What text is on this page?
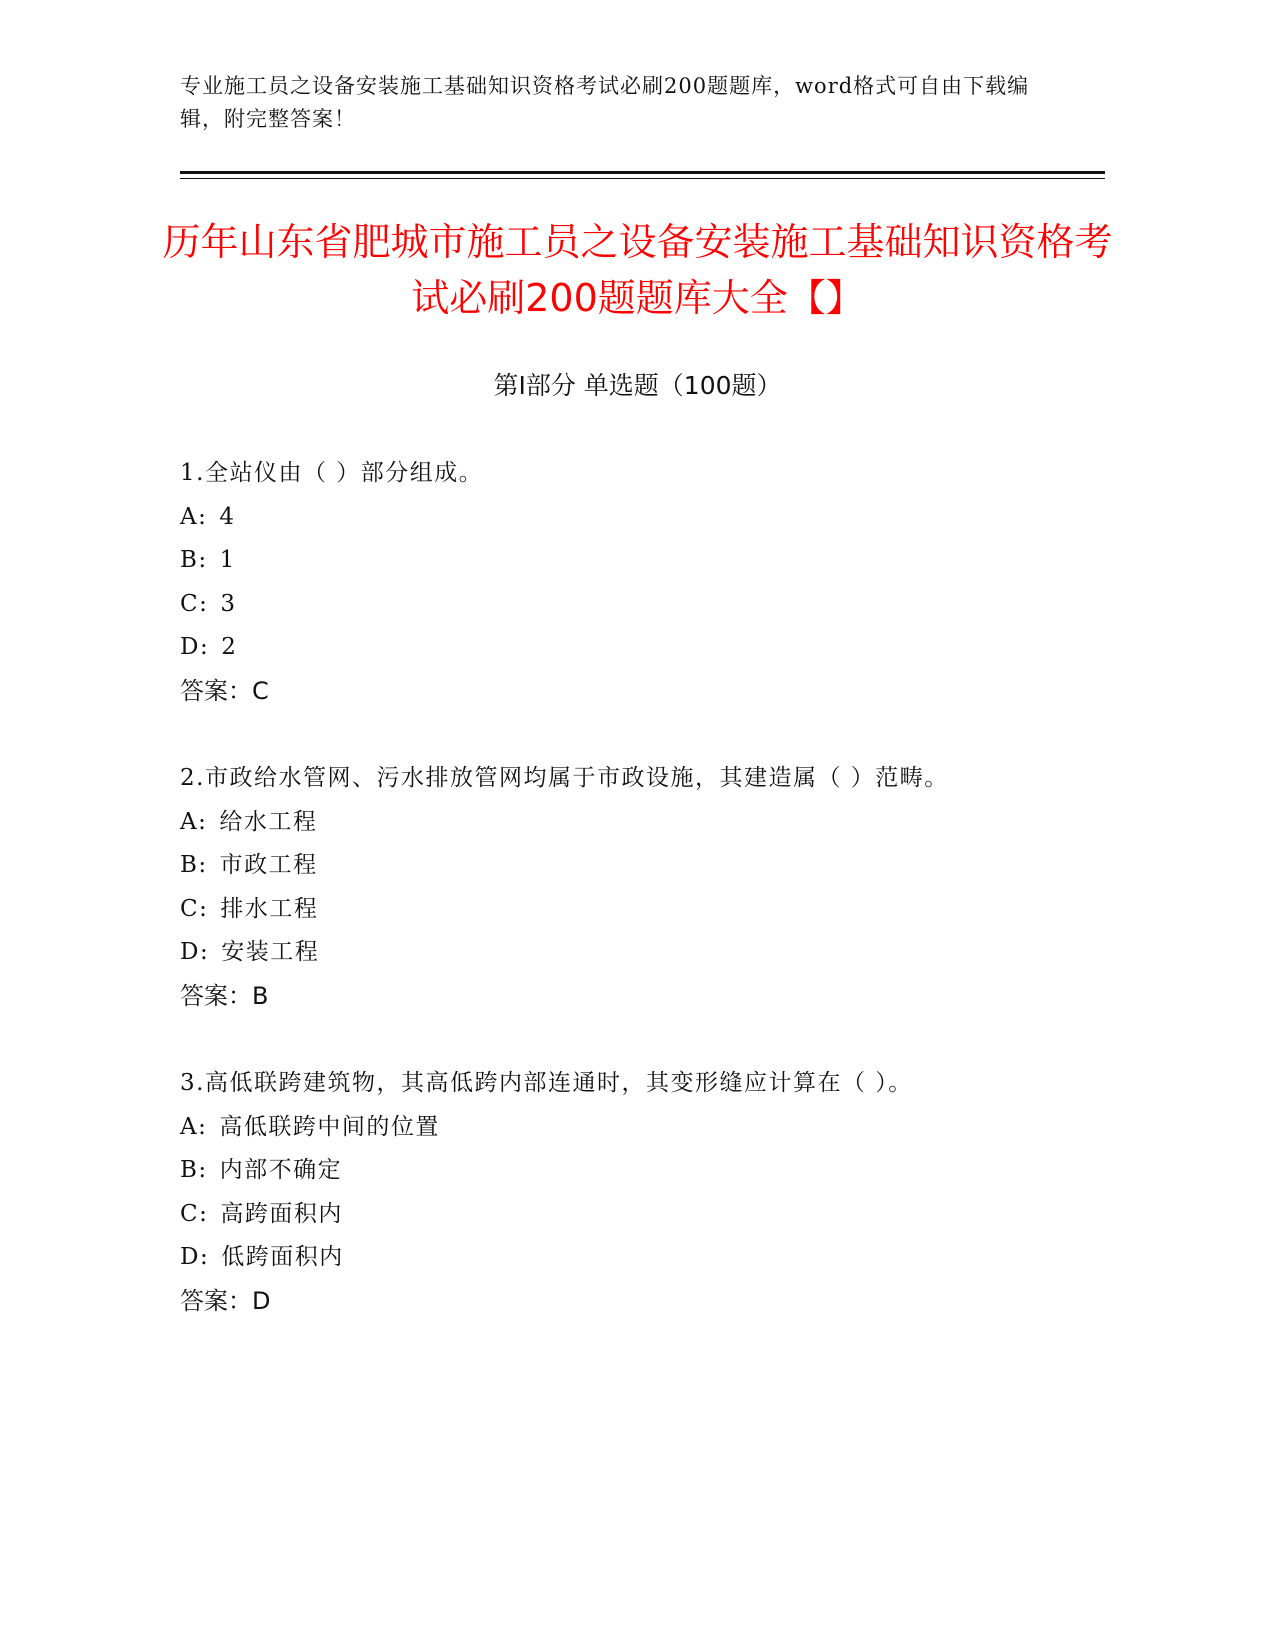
专业施工员之设备安装施工基础知识资格考试必刷200题题库，word格式可自由下载编辑，附完整答案！
历年山东省肥城市施工员之设备安装施工基础知识资格考试必刷200题题库大全【】
第Ⅰ部分 单选题（100题）
1.全站仪由（ ）部分组成。
A: 4
B: 1
C: 3
D: 2
答案：C
2.市政给水管网、污水排放管网均属于市政设施，其建造属（ ）范畴。
A: 给水工程
B: 市政工程
C: 排水工程
D: 安装工程
答案：B
3.高低联跨建筑物，其高低跨内部连通时，其变形缝应计算在（ ）。
A: 高低联跨中间的位置
B: 内部不确定
C: 高跨面积内
D: 低跨面积内
答案：D
